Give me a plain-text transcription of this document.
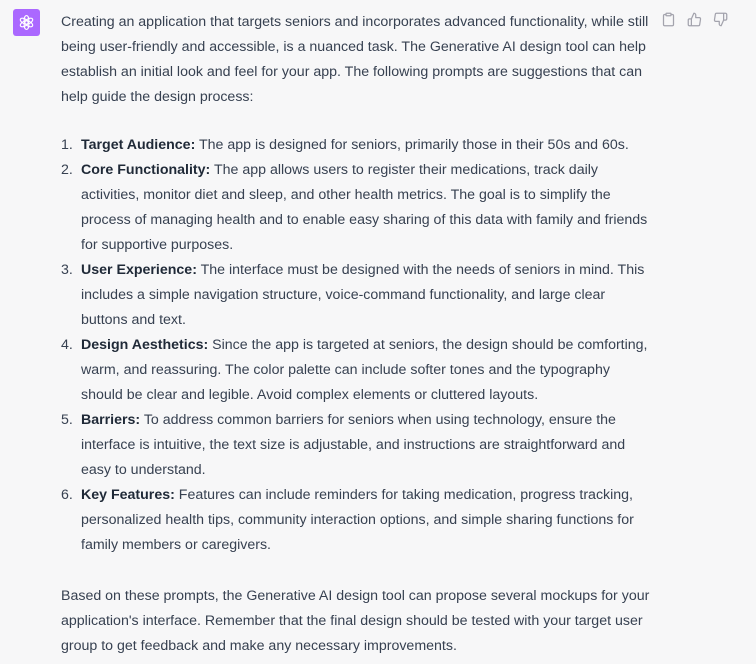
Creating an application that targets seniors and incorporates advanced functionality, while still being user-friendly and accessible, is a nuanced task. The Generative AI design tool can help establish an initial look and feel for your app. The following prompts are suggestions that can help guide the design process:

1. Target Audience: The app is designed for seniors, primarily those in their 50s and 60s.
2. Core Functionality: The app allows users to register their medications, track daily activities, monitor diet and sleep, and other health metrics. The goal is to simplify the process of managing health and to enable easy sharing of this data with family and friends for supportive purposes.
3. User Experience: The interface must be designed with the needs of seniors in mind. This includes a simple navigation structure, voice-command functionality, and large clear buttons and text.
4. Design Aesthetics: Since the app is targeted at seniors, the design should be comforting, warm, and reassuring. The color palette can include softer tones and the typography should be clear and legible. Avoid complex elements or cluttered layouts.
5. Barriers: To address common barriers for seniors when using technology, ensure the interface is intuitive, the text size is adjustable, and instructions are straightforward and easy to understand.
6. Key Features: Features can include reminders for taking medication, progress tracking, personalized health tips, community interaction options, and simple sharing functions for family members or caregivers.

Based on these prompts, the Generative AI design tool can propose several mockups for your application's interface. Remember that the final design should be tested with your target user group to get feedback and make any necessary improvements.
